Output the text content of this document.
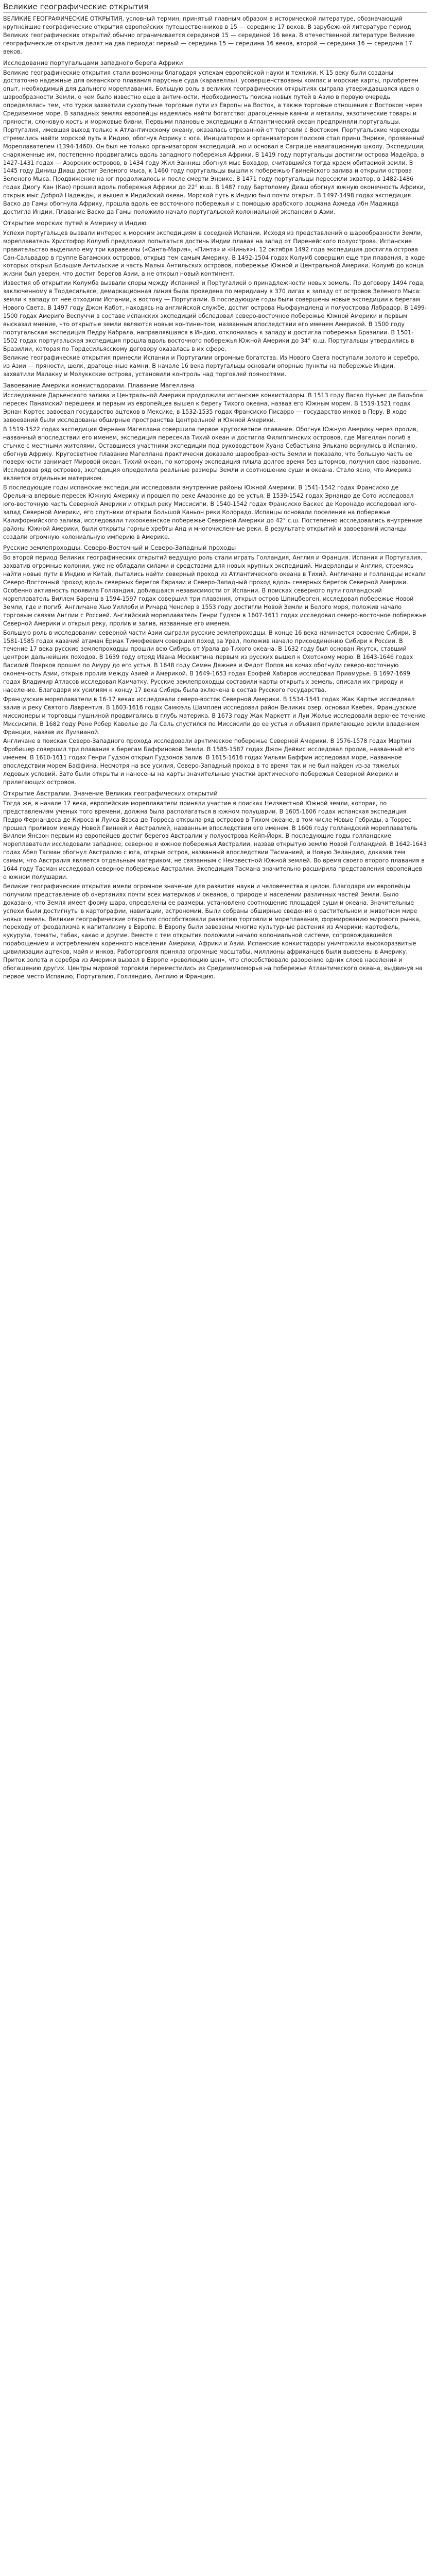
Великие географические открытия

ВЕЛИКИЕ ГЕОГРАФИЧЕСКИЕ ОТКРЫТИЯ, условный термин, принятый главным образом в исторической литературе, обозначающий крупнейшие географические открытия европейских путешественников в 15 — середине 17 веков. В зарубежной литературе период Великих географических открытий обычно ограничивается серединой 15 — серединой 16 века. В отечественной литературе Великие географические открытия делят на два периода: первый — середина 15 — середина 16 веков, второй — середина 16 — середина 17 веков.

Исследование португальцами западного берега Африки

Великие географические открытия стали возможны благодаря успехам европейской науки и техники. К 15 веку были созданы достаточно надежные для океанского плавания парусные суда (каравеллы), усовершенствованы компас и морские карты, приобретен опыт, необходимый для дальнего мореплавания. Большую роль в великих географических открытиях сыграла утверждавшаяся идея о шарообразности Земли, о чем было известно еще в античности. Необходимость поиска новых путей в Азию в первую очередь определялась тем, что турки захватили сухопутные торговые пути из Европы на Восток, а также торговые отношения с Востоком через Средиземное море. В западных землях европейцы надеялись найти богатство: драгоценные камни и металлы, экзотические товары и пряности, слоновую кость и моржовые бивни. Первыми плановые экспедиции в Атлантический океан предприняли португальцы. Португалия, имевшая выход только к Атлантическому океану, оказалась отрезанной от торговли с Востоком. Португальские мореходы стремились найти морской путь в Индию, обогнув Африку с юга. Инициатором и организатором поисков стал принц Энрике, прозванный Мореплавателем (1394-1460). Он был не только организатором экспедиций, но и основал в Сагрише навигационную школу. Экспедиции, снаряженные им, постепенно продвигались вдоль западного побережья Африки. В 1419 году португальцы достигли острова Мадейра, в 1427-1431 годах — Азорских островов, в 1434 году Жил Эанниш обогнул мыс Бохадор, считавшийся тогда краем обитаемой земли. В 1445 году Диниш Диаш достиг Зеленого мыса, к 1460 году португальцы вышли к побережью Гвинейского залива и открыли острова Зеленого Мыса. Продвижение на юг продолжалось и после смерти Энрике. В 1471 году португальцы пересекли экватор, в 1482-1486 годах Диогу Кан (Као) прошел вдоль побережья Африки до 22° ю.ш. В 1487 году Бартоломеу Диаш обогнул южную оконечность Африки, открыв мыс Доброй Надежды, и вышел в Индийский океан. Морской путь в Индию был почти открыт. В 1497-1498 годах экспедиция Васко да Гамы обогнула Африку, прошла вдоль ее восточного побережья и с помощью арабского лоцмана Ахмеда ибн Маджида достигла Индии. Плавание Васко да Гамы положило начало португальской колониальной экспансии в Азии.

Открытие морских путей в Америку и Индию

Успехи португальцев вызвали интерес к морским экспедициям в соседней Испании. Исходя из представлений о шарообразности Земли, мореплаватель Христофор Колумб предложил попытаться достичь Индии плавая на запад от Пиренейского полуострова. Испанские правительство выделило ему три каравеллы («Санта-Мария», «Пинта» и «Нинья»). 12 октября 1492 года экспедиция достигла острова Сан-Сальвадор в группе Багамских островов, открыв тем самым Америку. В 1492-1504 годах Колумб совершил еще три плавания, в ходе которых открыл Большие Антильские и часть Малых Антильских островов, побережье Южной и Центральной Америки. Колумб до конца жизни был уверен, что достиг берегов Азии, а не открыл новый континент.

Известия об открытии Колумба вызвали споры между Испанией и Португалией о принадлежности новых земель. По договору 1494 года, заключенному в Тордесильясе, демаркационная линия была проведена по меридиану в 370 лигах к западу от островов Зеленого Мыса: земли к западу от нее отходили Испании, к востоку — Португалии. В последующие годы были совершены новые экспедиции к берегам Нового Света. В 1497 году Джон Кабот, находясь на английской службе, достиг острова Ньюфаундленд и полуострова Лабрадор. В 1499-1500 годах Америго Веспуччи в составе испанских экспедиций обследовал северо-восточное побережье Южной Америки и первым высказал мнение, что открытые земли являются новым континентом, названным впоследствии его именем Америкой. В 1500 году португальская экспедиция Педру Кабрала, направлявшаяся в Индию, отклонилась к западу и достигла побережья Бразилии. В 1501-1502 годах португальская экспедиция прошла вдоль восточного побережья Южной Америки до 34° ю.ш. Португальцы утвердились в Бразилии, которая по Тордесильясскому договору оказалась в их сфере.

Великие географические открытия принесли Испании и Португалии огромные богатства. Из Нового Света поступали золото и серебро, из Азии — пряности, шелк, драгоценные камни. В начале 16 века португальцы основали опорные пункты на побережье Индии, захватили Малакку и Молуккские острова, установили контроль над торговлей пряностями.

Завоевание Америки конкистадорами. Плавание Магеллана

Исследование Дарьенского залива и Центральной Америки продолжили испанские конкистадоры. В 1513 году Васко Нуньес де Бальбоа пересек Панамский перешеек и первым из европейцев вышел к берегу Тихого океана, назвав его Южным морем. В 1519-1521 годах Эрнан Кортес завоевал государство ацтеков в Мексике, в 1532-1535 годах Франсиско Писарро — государство инков в Перу. В ходе завоеваний были исследованы обширные пространства Центральной и Южной Америки.

В 1519-1522 годах экспедиция Фернана Магеллана совершила первое кругосветное плавание. Обогнув Южную Америку через пролив, названный впоследствии его именем, экспедиция пересекла Тихий океан и достигла Филиппинских островов, где Магеллан погиб в стычке с местными жителями. Оставшиеся участники экспедиции под руководством Хуана Себастьяна Элькано вернулись в Испанию, обогнув Африку. Кругосветное плавание Магеллана практически доказало шарообразность Земли и показало, что большую часть ее поверхности занимает Мировой океан. Тихий океан, по которому экспедиция плыла долгое время без штормов, получил свое название. Исследовав ряд островов, экспедиция определила реальные размеры Земли и соотношение суши и океана. Стало ясно, что Америка является отдельным материком.

В последующие годы испанские экспедиции исследовали внутренние районы Южной Америки. В 1541-1542 годах Франсиско де Орельяна впервые пересек Южную Америку и прошел по реке Амазонке до ее устья. В 1539-1542 годах Эрнандо де Сото исследовал юго-восточную часть Северной Америки и открыл реку Миссисипи. В 1540-1542 годах Франсиско Васкес де Коронадо исследовал юго-запад Северной Америки, его спутники открыли Большой Каньон реки Колорадо. Испанцы основали поселения на побережье Калифорнийского залива, исследовали тихоокеанское побережье Северной Америки до 42° с.ш. Постепенно исследовались внутренние районы Южной Америки, были открыты горные хребты Анд и многочисленные реки. В результате открытий и завоеваний испанцы создали огромную колониальную империю в Америке.

Русские землепроходцы. Северо-Восточный и Северо-Западный проходы

Во второй период Великих географических открытий ведущую роль стали играть Голландия, Англия и Франция. Испания и Португалия, захватив огромные колонии, уже не обладали силами и средствами для новых крупных экспедиций. Нидерланды и Англия, стремясь найти новые пути в Индию и Китай, пытались найти северный проход из Атлантического океана в Тихий. Англичане и голландцы искали Северо-Восточный проход вдоль северных берегов Евразии и Северо-Западный проход вдоль северных берегов Северной Америки. Особенно активность проявила Голландия, добившаяся независимости от Испании. В поисках северного пути голландский мореплаватель Виллем Баренц в 1594-1597 годах совершил три плавания, открыл остров Шпицберген, исследовал побережье Новой Земли, где и погиб. Англичане Хью Уиллоби и Ричард Ченслер в 1553 году достигли Новой Земли и Белого моря, положив начало торговым связям Англии с Россией. Английский мореплаватель Генри Гудзон в 1607-1611 годах исследовал северо-восточное побережье Северной Америки и открыл реку, пролив и залив, названные его именем.

Большую роль в исследовании северной части Азии сыграли русские землепроходцы. В конце 16 века начинается освоение Сибири. В 1581-1585 годах казачий атаман Ермак Тимофеевич совершил поход за Урал, положив начало присоединению Сибири к России. В течение 17 века русские землепроходцы прошли всю Сибирь от Урала до Тихого океана. В 1632 году был основан Якутск, ставший центром дальнейших походов. В 1639 году отряд Ивана Москвитина первым из русских вышел к Охотскому морю. В 1643-1646 годах Василий Поярков прошел по Амуру до его устья. В 1648 году Семен Дежнев и Федот Попов на кочах обогнули северо-восточную оконечность Азии, открыв пролив между Азией и Америкой. В 1649-1653 годах Ерофей Хабаров исследовал Приамурье. В 1697-1699 годах Владимир Атласов исследовал Камчатку. Русские землепроходцы составили карты открытых земель, описали их природу и население. Благодаря их усилиям к концу 17 века Сибирь была включена в состав Русского государства.

Французские мореплаватели в 16-17 веках исследовали северо-восток Северной Америки. В 1534-1541 годах Жак Картье исследовал залив и реку Святого Лаврентия. В 1603-1616 годах Самюэль Шамплен исследовал район Великих озер, основал Квебек. Французские миссионеры и торговцы пушниной продвигались в глубь материка. В 1673 году Жак Маркетт и Луи Жолье исследовали верхнее течение Миссисипи. В 1682 году Рене Робер Кавелье де Ла Саль спустился по Миссисипи до ее устья и объявил прилегающие земли владением Франции, назвав их Луизианой.

Англичане в поисках Северо-Западного прохода исследовали арктическое побережье Северной Америки. В 1576-1578 годах Мартин Фробишер совершил три плавания к берегам Баффиновой Земли. В 1585-1587 годах Джон Дейвис исследовал пролив, названный его именем. В 1610-1611 годах Генри Гудзон открыл Гудзонов залив. В 1615-1616 годах Уильям Баффин исследовал море, названное впоследствии морем Баффина. Несмотря на все усилия, Северо-Западный проход в то время так и не был найден из-за тяжелых ледовых условий. Зато были открыты и нанесены на карты значительные участки арктического побережья Северной Америки и прилегающих островов.

Открытие Австралии. Значение Великих географических открытий

Тогда же, в начале 17 века, европейские мореплаватели приняли участие в поисках Неизвестной Южной земли, которая, по представлениям ученых того времени, должна была располагаться в южном полушарии. В 1605-1606 годах испанская экспедиция Педро Фернандеса де Кироса и Луиса Ваэса де Торреса открыла ряд островов в Тихом океане, в том числе Новые Гебриды, а Торрес прошел проливом между Новой Гвинеей и Австралией, названным впоследствии его именем. В 1606 году голландский мореплаватель Виллем Янсзон первым из европейцев достиг берегов Австралии у полуострова Кейп-Йорк. В последующие годы голландские мореплаватели исследовали западное, северное и южное побережья Австралии, назвав открытую землю Новой Голландией. В 1642-1643 годах Абел Тасман обогнул Австралию с юга, открыв остров, названный впоследствии Тасманией, и Новую Зеландию, доказав тем самым, что Австралия является отдельным материком, не связанным с Неизвестной Южной землей. Во время своего второго плавания в 1644 году Тасман исследовал северное побережье Австралии. Экспедиция Тасмана значительно расширила представления европейцев о южном полушарии.

Великие географические открытия имели огромное значение для развития науки и человечества в целом. Благодаря им европейцы получили представление об очертаниях почти всех материков и океанов, о природе и населении различных частей Земли. Было доказано, что Земля имеет форму шара, определены ее размеры, установлено соотношение площадей суши и океана. Значительные успехи были достигнуты в картографии, навигации, астрономии. Были собраны обширные сведения о растительном и животном мире новых земель. Великие географические открытия способствовали развитию торговли и мореплавания, формированию мирового рынка, переходу от феодализма к капитализму в Европе. В Европу были завезены многие культурные растения из Америки: картофель, кукуруза, томаты, табак, какао и другие. Вместе с тем открытия положили начало колониальной системе, сопровождавшейся порабощением и истреблением коренного населения Америки, Африки и Азии. Испанские конкистадоры уничтожили высокоразвитые цивилизации ацтеков, майя и инков. Работорговля приняла огромные масштабы, миллионы африканцев были вывезены в Америку. Приток золота и серебра из Америки вызвал в Европе «революцию цен», что способствовало разорению одних слоев населения и обогащению других. Центры мировой торговли переместились из Средиземноморья на побережье Атлантического океана, выдвинув на первое место Испанию, Португалию, Голландию, Англию и Францию.
